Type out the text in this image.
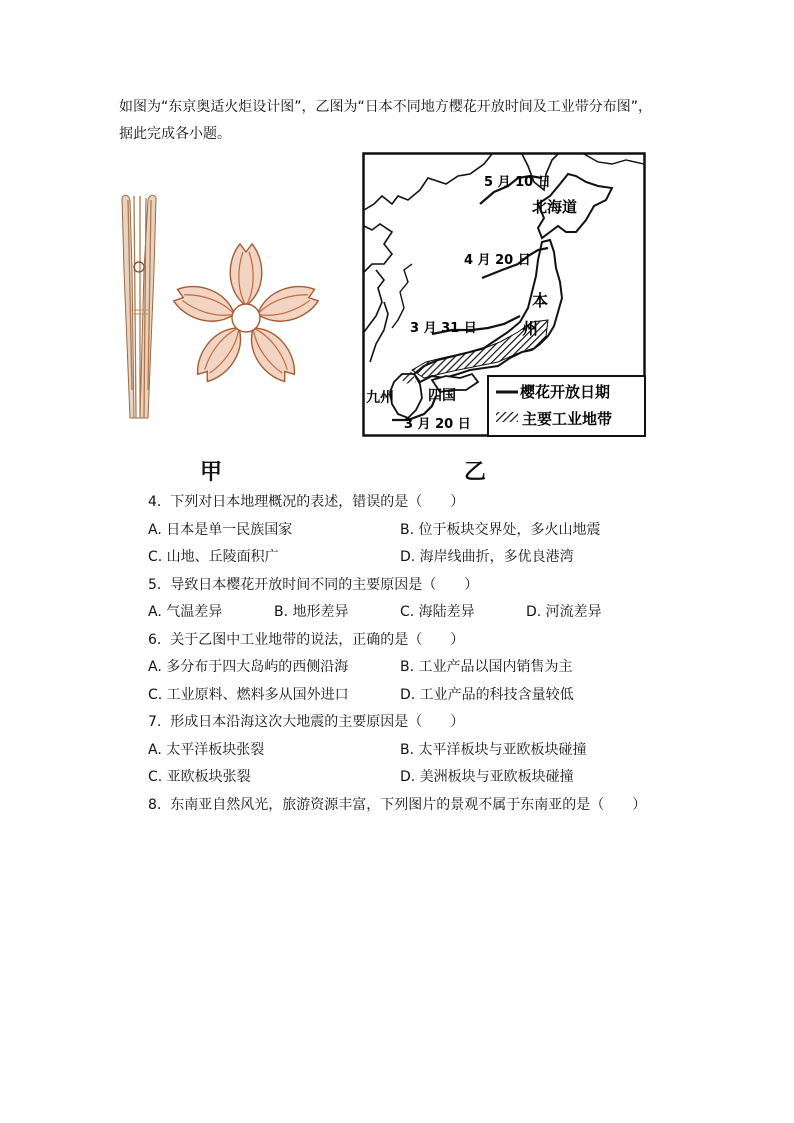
如图为“东京奥适火炬设计图”，乙图为“日本不同地方樱花开放时间及工业带分布图”，
据此完成各小题。
5 月 10 日
北海道
4 月 20 日
本
州
3 月 31 日
四国
九州
3 月 20 日
樱花开放日期
主要工业地带
甲	乙
4. 下列对日本地理概况的表述，错误的是（　　）
A. 日本是单一民族国家	B. 位于板块交界处，多火山地震
C. 山地、丘陵面积广	D. 海岸线曲折，多优良港湾
5. 导致日本樱花开放时间不同的主要原因是（　　）
A. 气温差异	B. 地形差异	C. 海陆差异	D. 河流差异
6. 关于乙图中工业地带的说法，正确的是（　　）
A. 多分布于四大岛屿的西侧沿海	B. 工业产品以国内销售为主
C. 工业原料、燃料多从国外进口	D. 工业产品的科技含量较低
7. 形成日本沿海这次大地震的主要原因是（　　）
A. 太平洋板块张裂	B. 太平洋板块与亚欧板块碰撞
C. 亚欧板块张裂	D. 美洲板块与亚欧板块碰撞
8. 东南亚自然风光，旅游资源丰富，下列图片的景观不属于东南亚的是（　　）
